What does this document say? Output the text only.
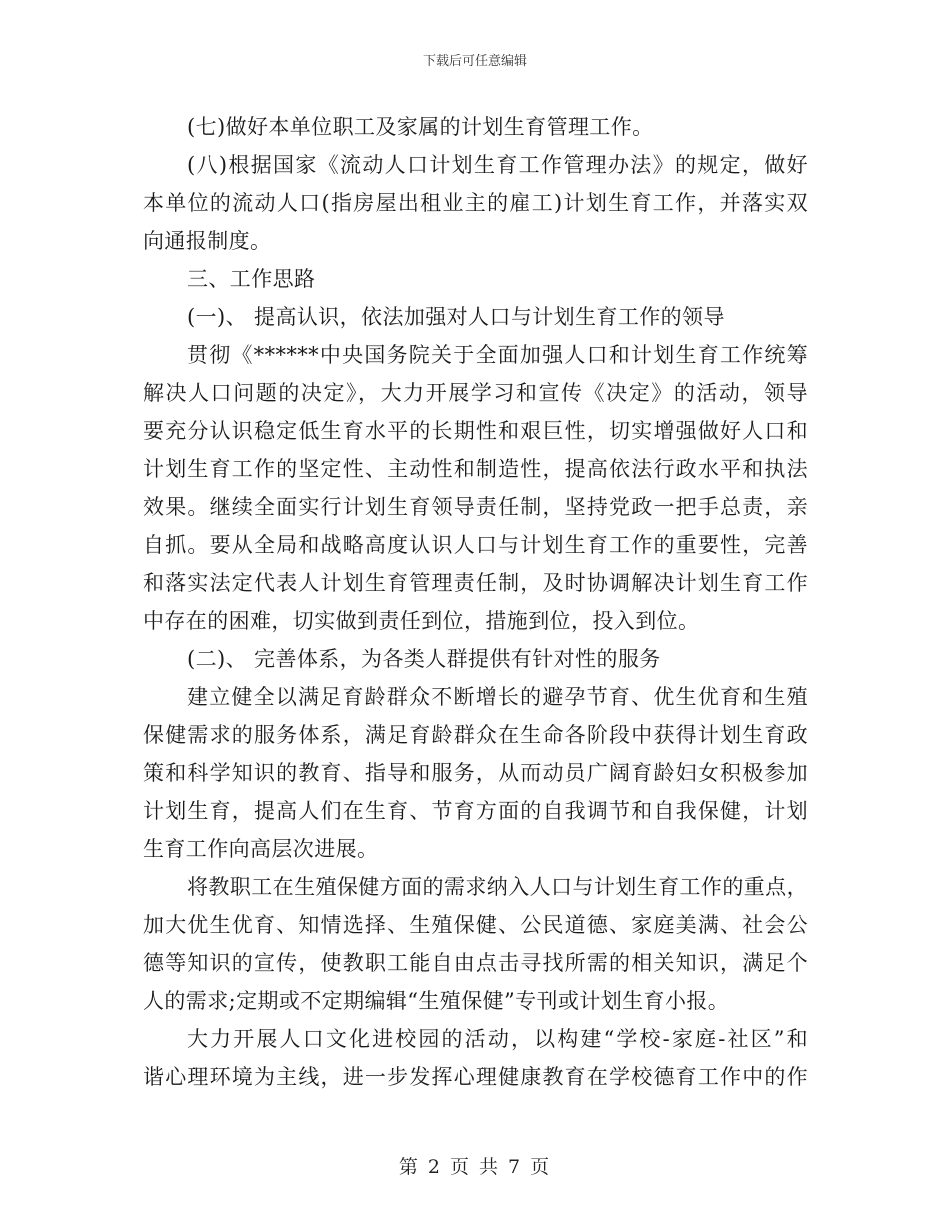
下载后可任意编辑
(七)做好本单位职工及家属的计划生育管理工作。
(八)根据国家《流动人口计划生育工作管理办法》的规定，做好
本单位的流动人口(指房屋出租业主的雇工)计划生育工作，并落实双
向通报制度。
三、工作思路
(一)、 提高认识，依法加强对人口与计划生育工作的领导
贯彻《******中央国务院关于全面加强人口和计划生育工作统筹
解决人口问题的决定》，大力开展学习和宣传《决定》的活动，领导
要充分认识稳定低生育水平的长期性和艰巨性，切实增强做好人口和
计划生育工作的坚定性、主动性和制造性，提高依法行政水平和执法
效果。继续全面实行计划生育领导责任制，坚持党政一把手总责，亲
自抓。要从全局和战略高度认识人口与计划生育工作的重要性，完善
和落实法定代表人计划生育管理责任制，及时协调解决计划生育工作
中存在的困难，切实做到责任到位，措施到位，投入到位。
(二)、 完善体系，为各类人群提供有针对性的服务
建立健全以满足育龄群众不断增长的避孕节育、优生优育和生殖
保健需求的服务体系，满足育龄群众在生命各阶段中获得计划生育政
策和科学知识的教育、指导和服务，从而动员广阔育龄妇女积极参加
计划生育，提高人们在生育、节育方面的自我调节和自我保健，计划
生育工作向高层次进展。
将教职工在生殖保健方面的需求纳入人口与计划生育工作的重点，
加大优生优育、知情选择、生殖保健、公民道德、家庭美满、社会公
德等知识的宣传，使教职工能自由点击寻找所需的相关知识，满足个
人的需求;定期或不定期编辑“生殖保健”专刊或计划生育小报。
大力开展人口文化进校园的活动，以构建“学校-家庭-社区”和
谐心理环境为主线，进一步发挥心理健康教育在学校德育工作中的作
第 2 页 共 7 页
